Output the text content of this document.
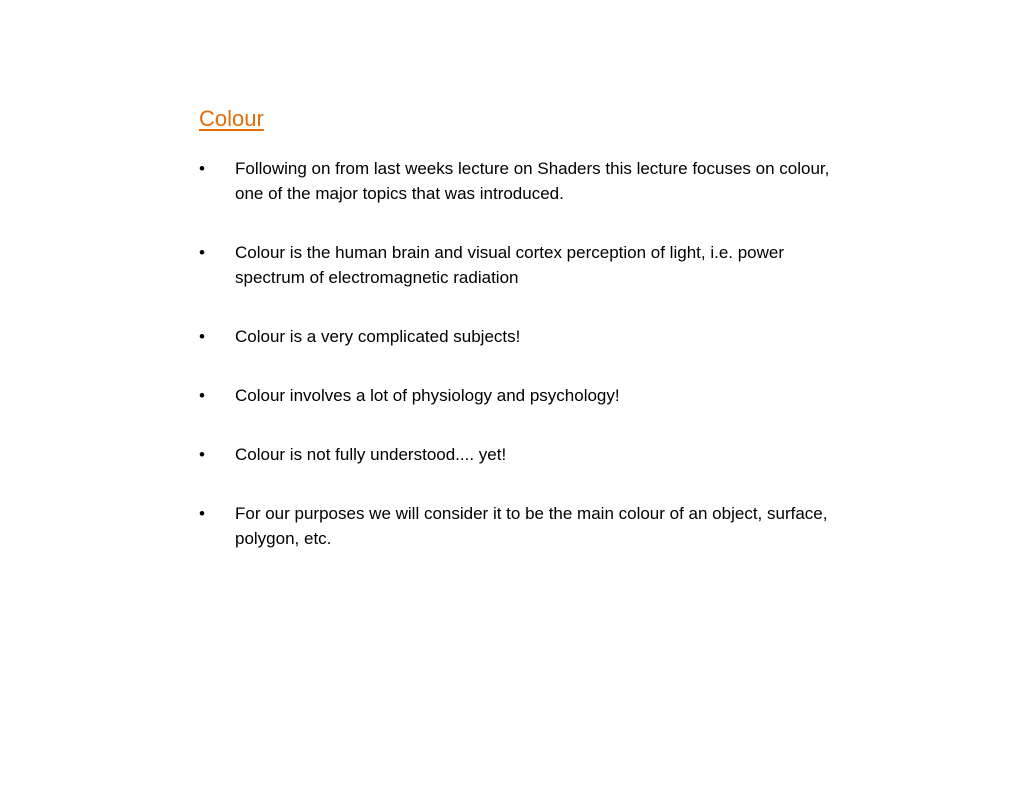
Colour
•	Following on from last weeks lecture on Shaders this lecture focuses on colour, one of the major topics that was introduced.
•	Colour is the human brain and visual cortex perception of light, i.e. power spectrum of electromagnetic radiation
•	Colour is a very complicated subjects!
•	Colour involves a lot of physiology and psychology!
•	Colour is not fully understood.... yet!
•	For our purposes we will consider it to be the main colour of an object, surface, polygon, etc.
